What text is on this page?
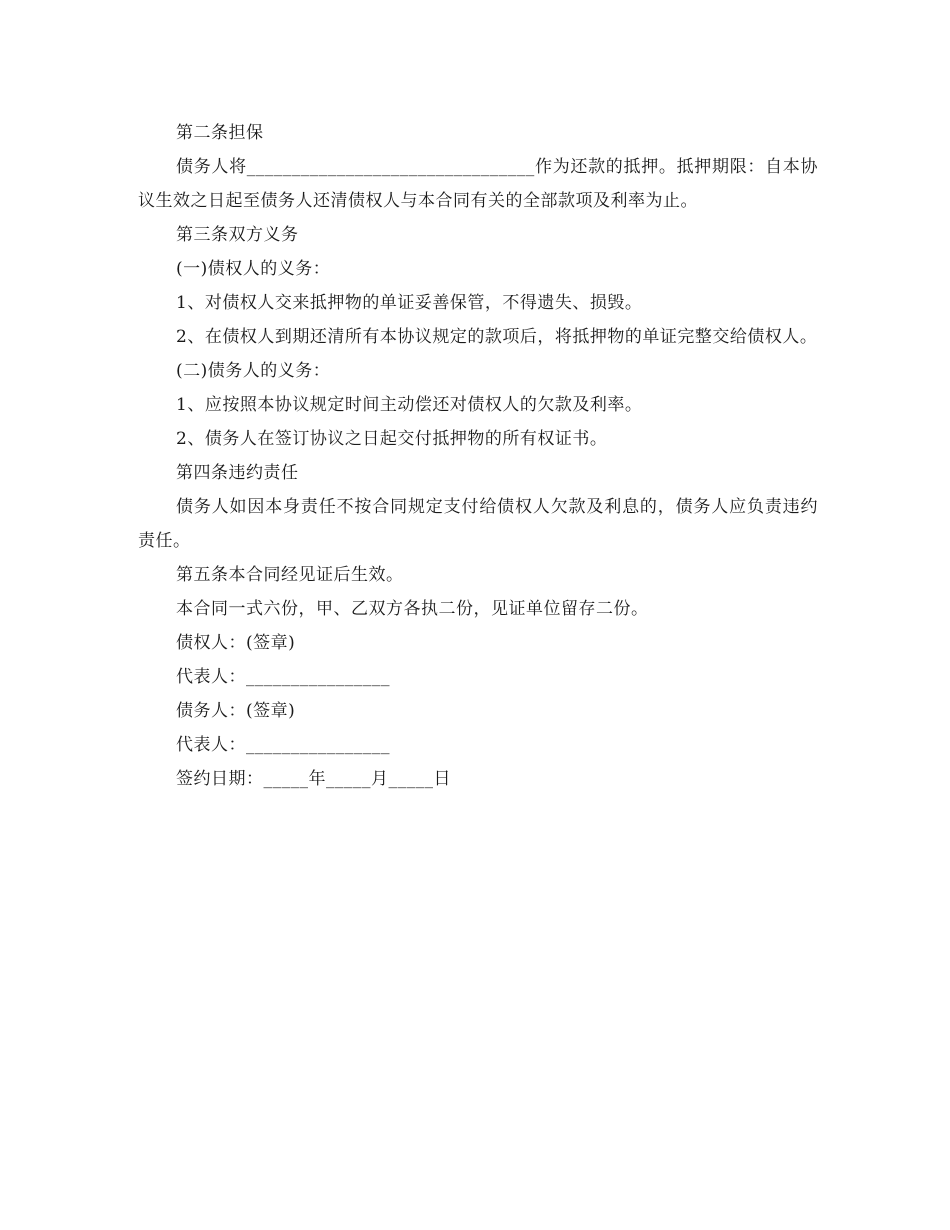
第二条担保

债务人将________________________________作为还款的抵押。抵押期限：自本协议生效之日起至债务人还清债权人与本合同有关的全部款项及利率为止。

第三条双方义务

(一)债权人的义务：

1、对债权人交来抵押物的单证妥善保管，不得遗失、损毁。

2、在债权人到期还清所有本协议规定的款项后，将抵押物的单证完整交给债权人。

(二)债务人的义务：

1、应按照本协议规定时间主动偿还对债权人的欠款及利率。

2、债务人在签订协议之日起交付抵押物的所有权证书。

第四条违约责任

债务人如因本身责任不按合同规定支付给债权人欠款及利息的，债务人应负责违约责任。

第五条本合同经见证后生效。

本合同一式六份，甲、乙双方各执二份，见证单位留存二份。

债权人：(签章)

代表人：________________

债务人：(签章)

代表人：________________

签约日期：_____年_____月_____日
